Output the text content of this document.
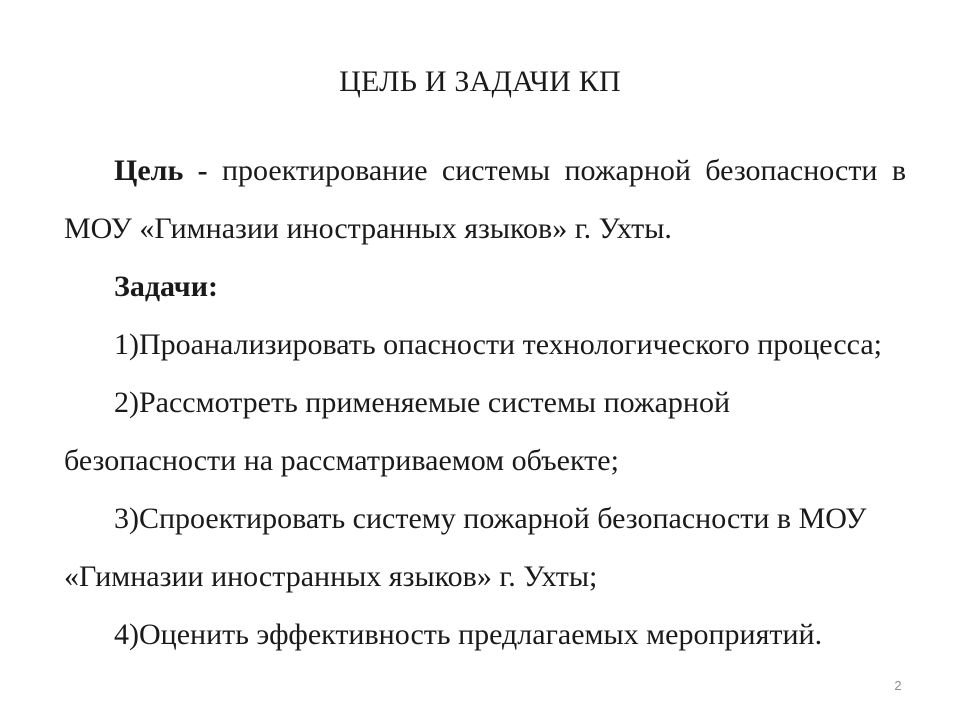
ЦЕЛЬ И ЗАДАЧИ КП

Цель - проектирование системы пожарной безопасности в МОУ «Гимназии иностранных языков» г. Ухты.

Задачи:

1)Проанализировать опасности технологического процесса;

2)Рассмотреть применяемые системы пожарной безопасности на рассматриваемом объекте;

3)Спроектировать систему пожарной безопасности в МОУ «Гимназии иностранных языков» г. Ухты;

4)Оценить эффективность предлагаемых мероприятий.

2
